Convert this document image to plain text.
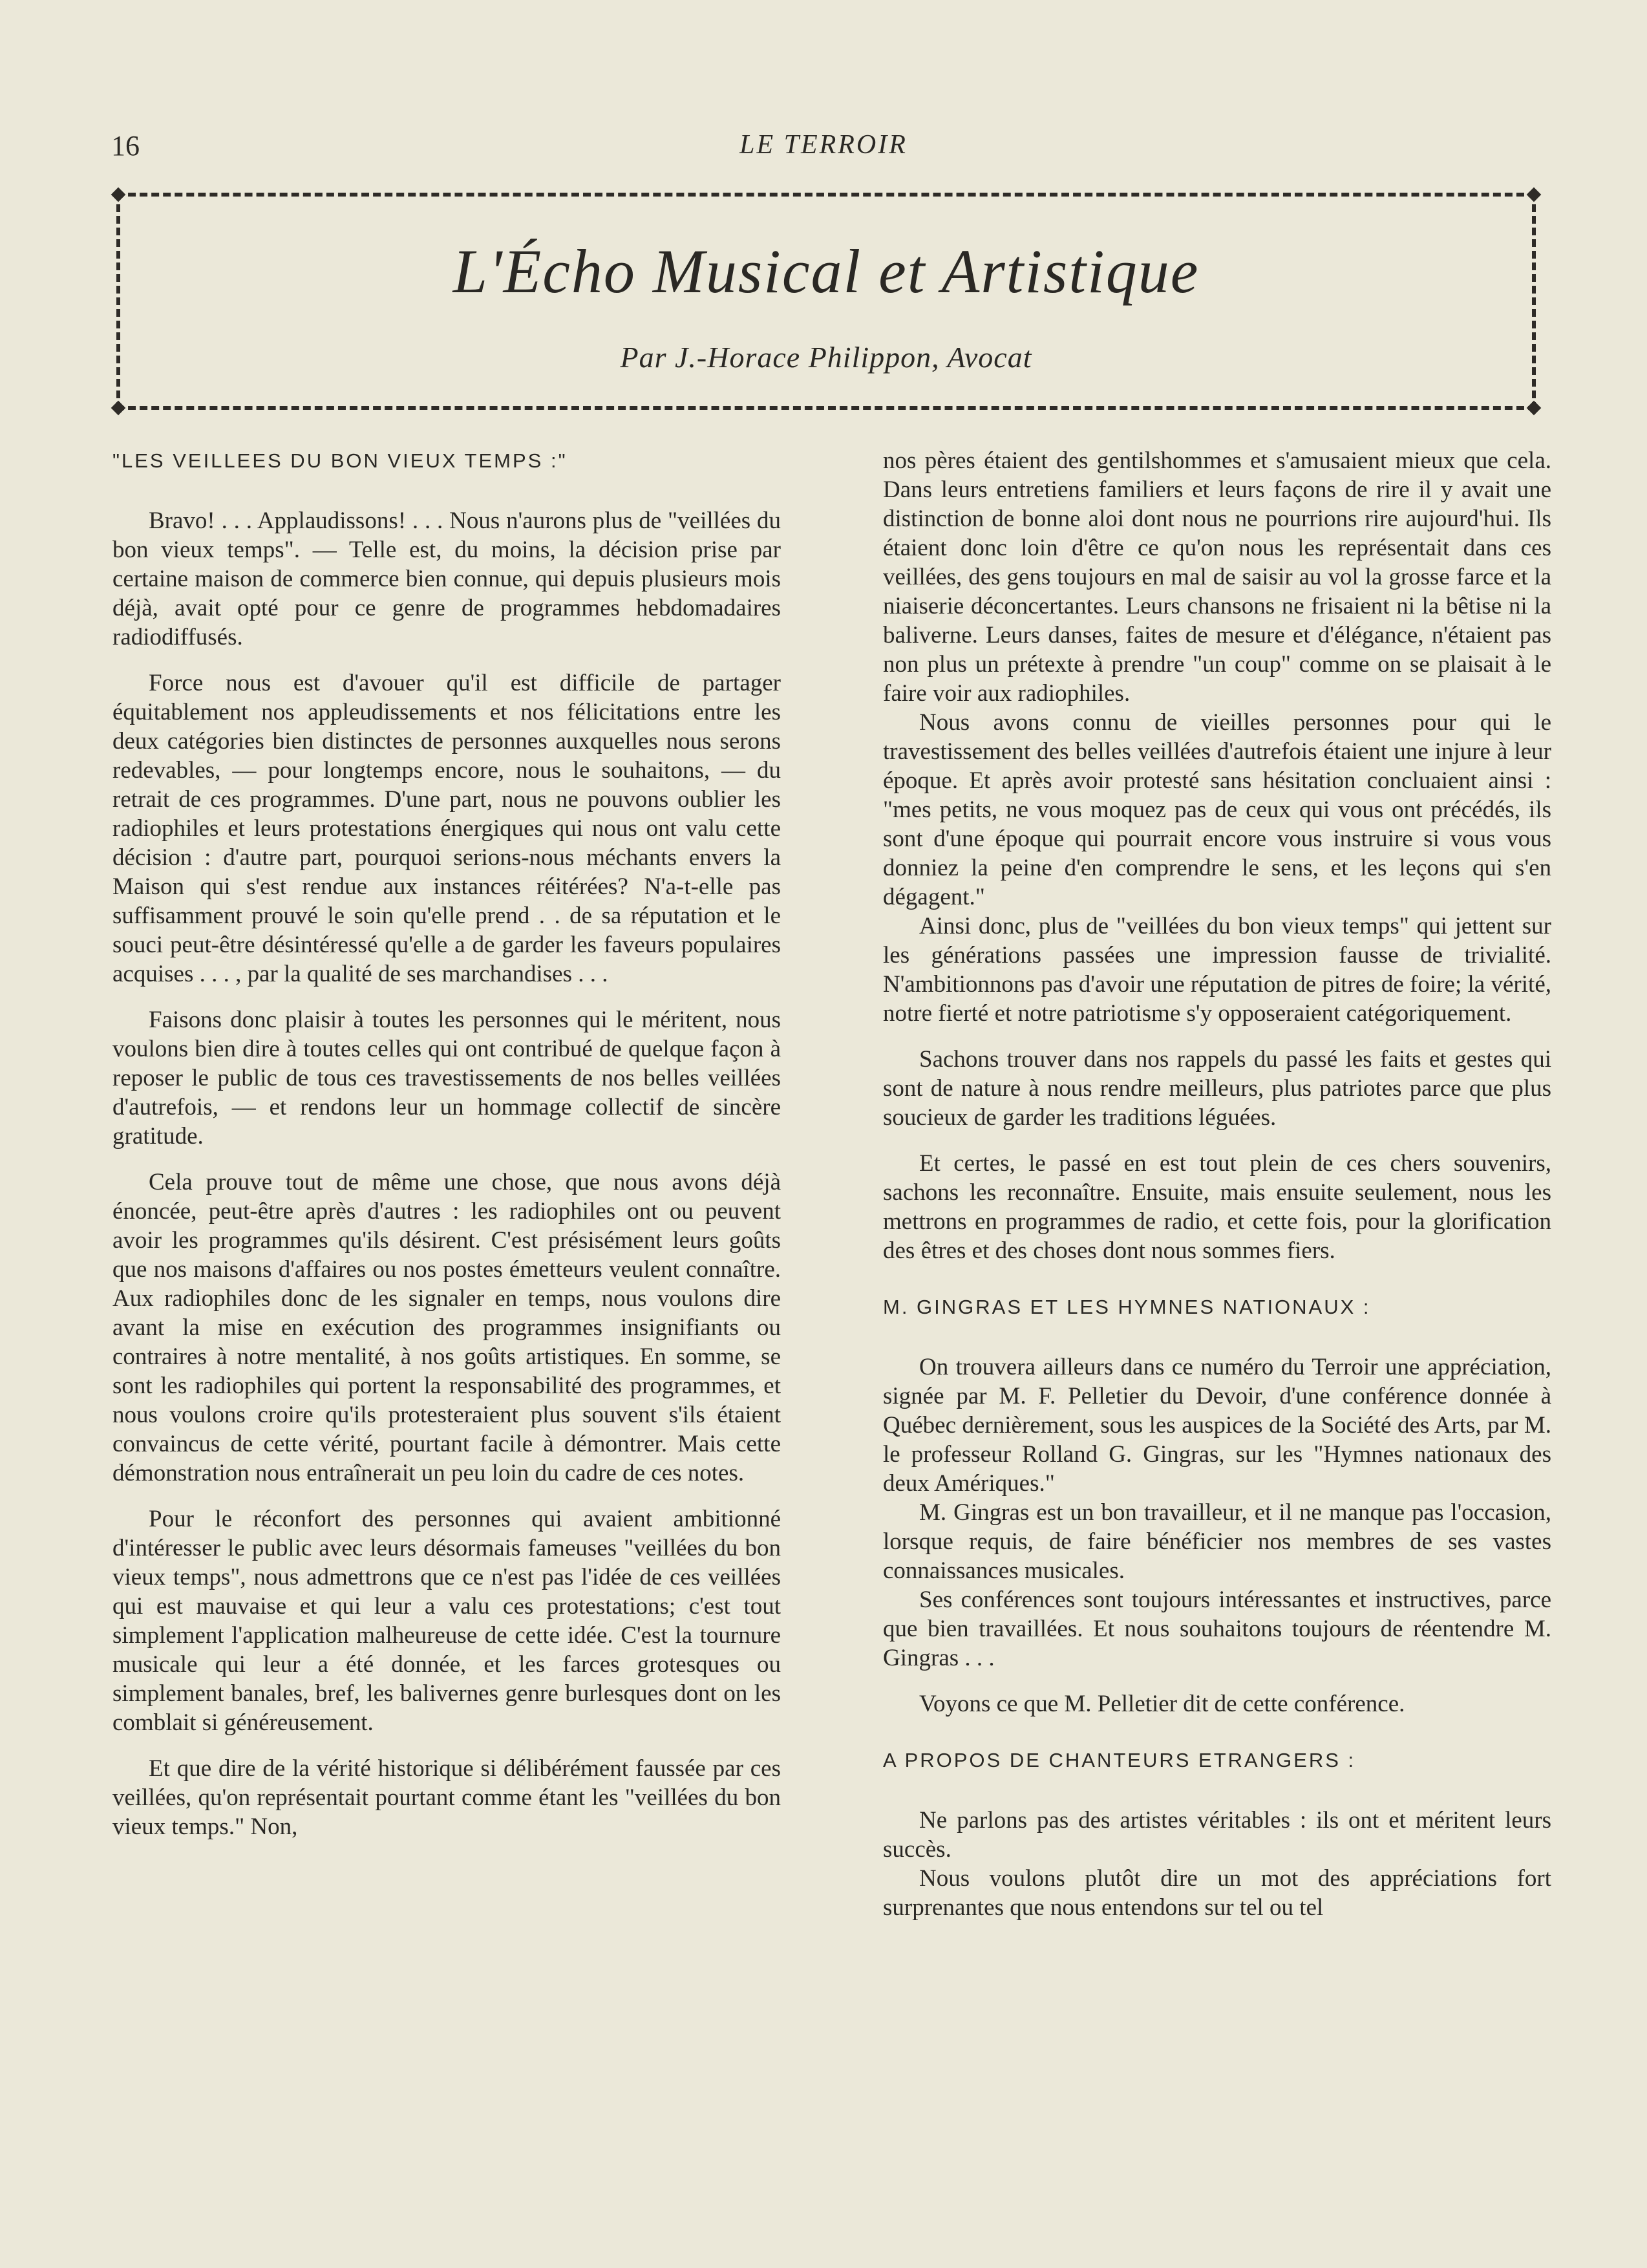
16	LE TERROIR
L'Écho Musical et Artistique
Par J.-Horace Philippon, Avocat
"LES VEILLEES DU BON VIEUX TEMPS :"

Bravo! . . . Applaudissons! . . . Nous n'aurons plus de "veillées du bon vieux temps". — Telle est, du moins, la décision prise par certaine maison de commerce bien connue, qui depuis plusieurs mois déjà, avait opté pour ce genre de programmes hebdomadaires radiodiffusés.

Force nous est d'avouer qu'il est difficile de partager équitablement nos appleudissements et nos félicitations entre les deux catégories bien distinctes de personnes auxquelles nous serons redevables, — pour longtemps encore, nous le souhaitons, — du retrait de ces programmes. D'une part, nous ne pouvons oublier les radiophiles et leurs protestations énergiques qui nous ont valu cette décision : d'autre part, pourquoi serions-nous méchants envers la Maison qui s'est rendue aux instances réitérées? N'a-t-elle pas suffisamment prouvé le soin qu'elle prend . . de sa réputation et le souci peut-être désintéressé qu'elle a de garder les faveurs populaires acquises . . . , par la qualité de ses marchandises . . .

Faisons donc plaisir à toutes les personnes qui le méritent, nous voulons bien dire à toutes celles qui ont contribué de quelque façon à reposer le public de tous ces travestissements de nos belles veillées d'autrefois, — et rendons leur un hommage collectif de sincère gratitude.

Cela prouve tout de même une chose, que nous avons déjà énoncée, peut-être après d'autres : les radiophiles ont ou peuvent avoir les programmes qu'ils désirent. C'est présisément leurs goûts que nos maisons d'affaires ou nos postes émetteurs veulent connaître. Aux radiophiles donc de les signaler en temps, nous voulons dire avant la mise en exécution des programmes insignifiants ou contraires à notre mentalité, à nos goûts artistiques. En somme, se sont les radiophiles qui portent la responsabilité des programmes, et nous voulons croire qu'ils protesteraient plus souvent s'ils étaient convaincus de cette vérité, pourtant facile à démontrer. Mais cette démonstration nous entraînerait un peu loin du cadre de ces notes.

Pour le réconfort des personnes qui avaient ambitionné d'intéresser le public avec leurs désormais fameuses "veillées du bon vieux temps", nous admettrons que ce n'est pas l'idée de ces veillées qui est mauvaise et qui leur a valu ces protestations; c'est tout simplement l'application malheureuse de cette idée. C'est la tournure musicale qui leur a été donnée, et les farces grotesques ou simplement banales, bref, les balivernes genre burlesques dont on les comblait si généreusement.

Et que dire de la vérité historique si délibérément faussée par ces veillées, qu'on représentait pourtant comme étant les "veillées du bon vieux temps." Non,

nos pères étaient des gentilshommes et s'amusaient mieux que cela. Dans leurs entretiens familiers et leurs façons de rire il y avait une distinction de bonne aloi dont nous ne pourrions rire aujourd'hui. Ils étaient donc loin d'être ce qu'on nous les représentait dans ces veillées, des gens toujours en mal de saisir au vol la grosse farce et la niaiserie déconcertantes. Leurs chansons ne frisaient ni la bêtise ni la baliverne. Leurs danses, faites de mesure et d'élégance, n'étaient pas non plus un prétexte à prendre "un coup" comme on se plaisait à le faire voir aux radiophiles.

Nous avons connu de vieilles personnes pour qui le travestissement des belles veillées d'autrefois étaient une injure à leur époque. Et après avoir protesté sans hésitation concluaient ainsi : "mes petits, ne vous moquez pas de ceux qui vous ont précédés, ils sont d'une époque qui pourrait encore vous instruire si vous vous donniez la peine d'en comprendre le sens, et les leçons qui s'en dégagent."

Ainsi donc, plus de "veillées du bon vieux temps" qui jettent sur les générations passées une impression fausse de trivialité. N'ambitionnons pas d'avoir une réputation de pitres de foire; la vérité, notre fierté et notre patriotisme s'y opposeraient catégoriquement.

Sachons trouver dans nos rappels du passé les faits et gestes qui sont de nature à nous rendre meilleurs, plus patriotes parce que plus soucieux de garder les traditions léguées.

Et certes, le passé en est tout plein de ces chers souvenirs, sachons les reconnaître. Ensuite, mais ensuite seulement, nous les mettrons en programmes de radio, et cette fois, pour la glorification des êtres et des choses dont nous sommes fiers.

M. GINGRAS ET LES HYMNES NATIONAUX :

On trouvera ailleurs dans ce numéro du Terroir une appréciation, signée par M. F. Pelletier du Devoir, d'une conférence donnée à Québec dernièrement, sous les auspices de la Société des Arts, par M. le professeur Rolland G. Gingras, sur les "Hymnes nationaux des deux Amériques."

M. Gingras est un bon travailleur, et il ne manque pas l'occasion, lorsque requis, de faire bénéficier nos membres de ses vastes connaissances musicales.

Ses conférences sont toujours intéressantes et instructives, parce que bien travaillées. Et nous souhaitons toujours de réentendre M. Gingras . . .

Voyons ce que M. Pelletier dit de cette conférence.

A PROPOS DE CHANTEURS ETRANGERS :

Ne parlons pas des artistes véritables : ils ont et méritent leurs succès.

Nous voulons plutôt dire un mot des appréciations fort surprenantes que nous entendons sur tel ou tel
